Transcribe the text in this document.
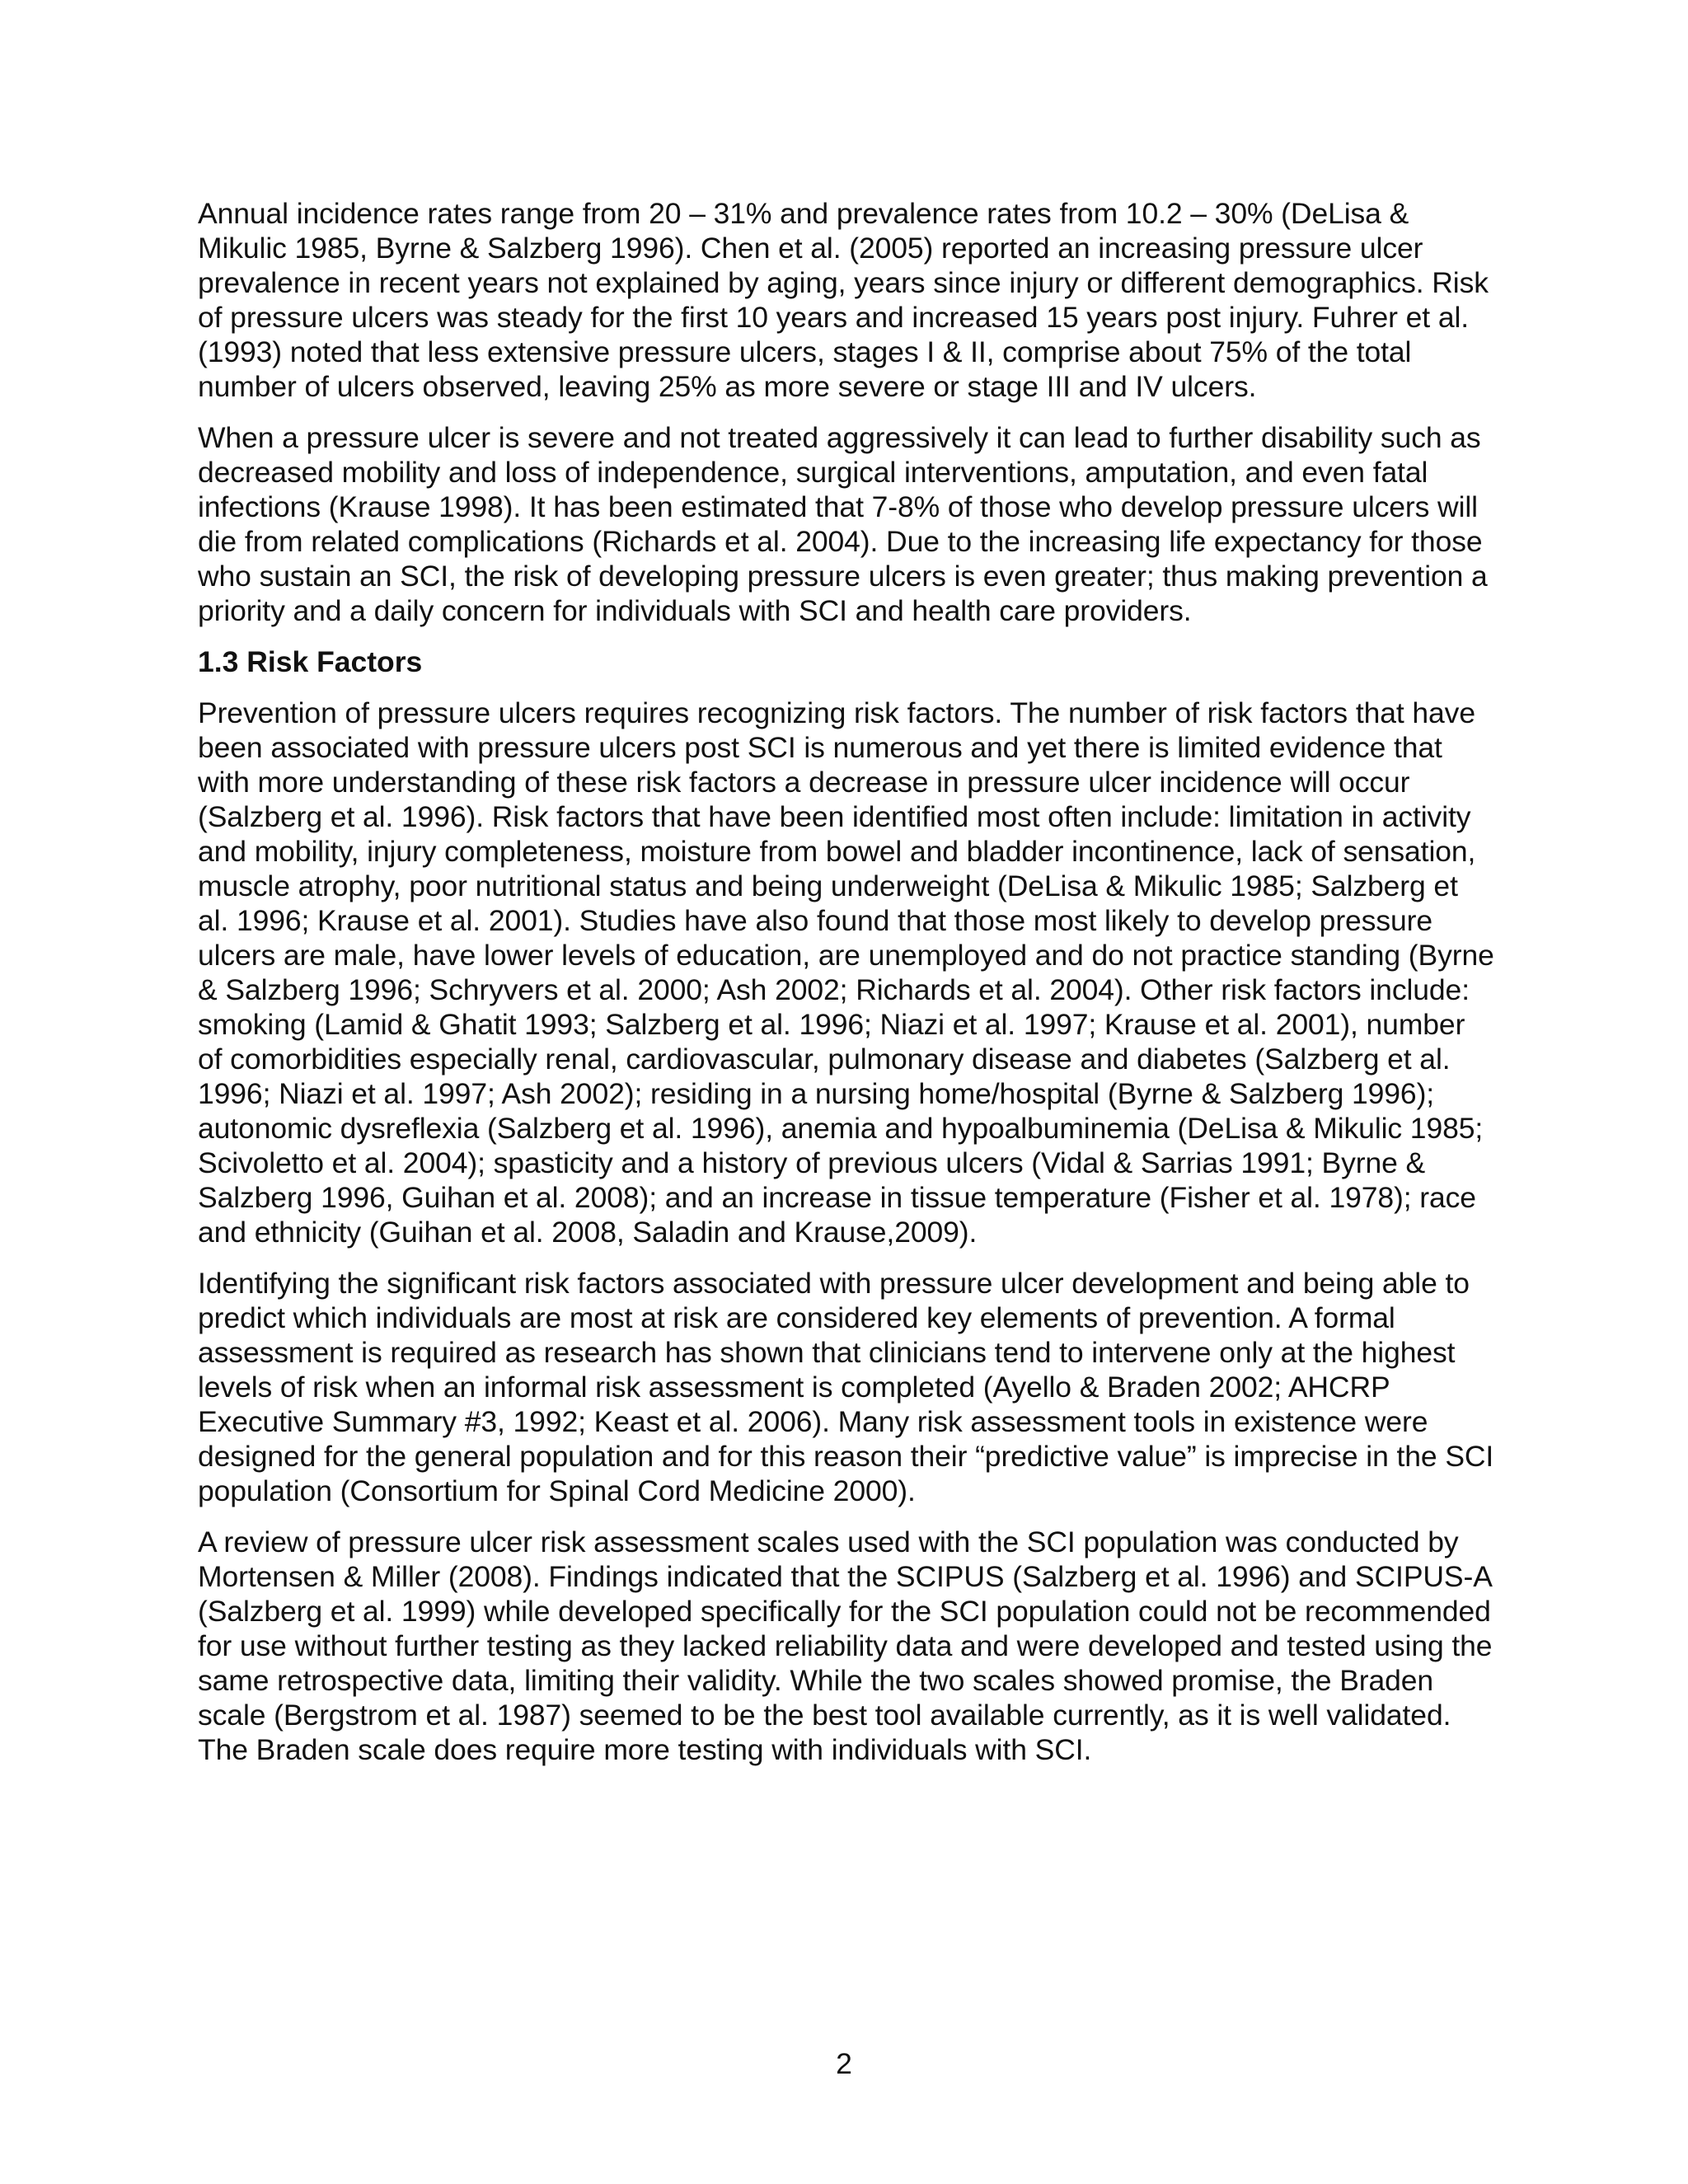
Annual incidence rates range from 20 – 31% and prevalence rates from 10.2 – 30% (DeLisa & Mikulic 1985, Byrne & Salzberg 1996). Chen et al. (2005) reported an increasing pressure ulcer prevalence in recent years not explained by aging, years since injury or different demographics. Risk of pressure ulcers was steady for the first 10 years and increased 15 years post injury. Fuhrer et al. (1993) noted that less extensive pressure ulcers, stages I & II, comprise about 75% of the total number of ulcers observed, leaving 25% as more severe or stage III and IV ulcers.

When a pressure ulcer is severe and not treated aggressively it can lead to further disability such as decreased mobility and loss of independence, surgical interventions, amputation, and even fatal infections (Krause 1998). It has been estimated that 7-8% of those who develop pressure ulcers will die from related complications (Richards et al. 2004). Due to the increasing life expectancy for those who sustain an SCI, the risk of developing pressure ulcers is even greater; thus making prevention a priority and a daily concern for individuals with SCI and health care providers.

1.3 Risk Factors

Prevention of pressure ulcers requires recognizing risk factors. The number of risk factors that have been associated with pressure ulcers post SCI is numerous and yet there is limited evidence that with more understanding of these risk factors a decrease in pressure ulcer incidence will occur (Salzberg et al. 1996). Risk factors that have been identified most often include: limitation in activity and mobility, injury completeness, moisture from bowel and bladder incontinence, lack of sensation, muscle atrophy, poor nutritional status and being underweight (DeLisa & Mikulic 1985; Salzberg et al. 1996; Krause et al. 2001). Studies have also found that those most likely to develop pressure ulcers are male, have lower levels of education, are unemployed and do not practice standing (Byrne & Salzberg 1996; Schryvers et al. 2000; Ash 2002; Richards et al. 2004). Other risk factors include: smoking (Lamid & Ghatit 1993; Salzberg et al. 1996; Niazi et al. 1997; Krause et al. 2001), number of comorbidities especially renal, cardiovascular, pulmonary disease and diabetes (Salzberg et al. 1996; Niazi et al. 1997; Ash 2002); residing in a nursing home/hospital (Byrne & Salzberg 1996); autonomic dysreflexia (Salzberg et al. 1996), anemia and hypoalbuminemia (DeLisa & Mikulic 1985; Scivoletto et al. 2004); spasticity and a history of previous ulcers (Vidal & Sarrias 1991; Byrne & Salzberg 1996, Guihan et al. 2008); and an increase in tissue temperature (Fisher et al. 1978); race and ethnicity (Guihan et al. 2008, Saladin and Krause,2009).

Identifying the significant risk factors associated with pressure ulcer development and being able to predict which individuals are most at risk are considered key elements of prevention. A formal assessment is required as research has shown that clinicians tend to intervene only at the highest levels of risk when an informal risk assessment is completed (Ayello & Braden 2002; AHCRP Executive Summary #3, 1992; Keast et al. 2006). Many risk assessment tools in existence were designed for the general population and for this reason their “predictive value” is imprecise in the SCI population (Consortium for Spinal Cord Medicine 2000).

A review of pressure ulcer risk assessment scales used with the SCI population was conducted by Mortensen & Miller (2008). Findings indicated that the SCIPUS (Salzberg et al. 1996) and SCIPUS-A (Salzberg et al. 1999) while developed specifically for the SCI population could not be recommended for use without further testing as they lacked reliability data and were developed and tested using the same retrospective data, limiting their validity. While the two scales showed promise, the Braden scale (Bergstrom et al. 1987) seemed to be the best tool available currently, as it is well validated. The Braden scale does require more testing with individuals with SCI.

2
